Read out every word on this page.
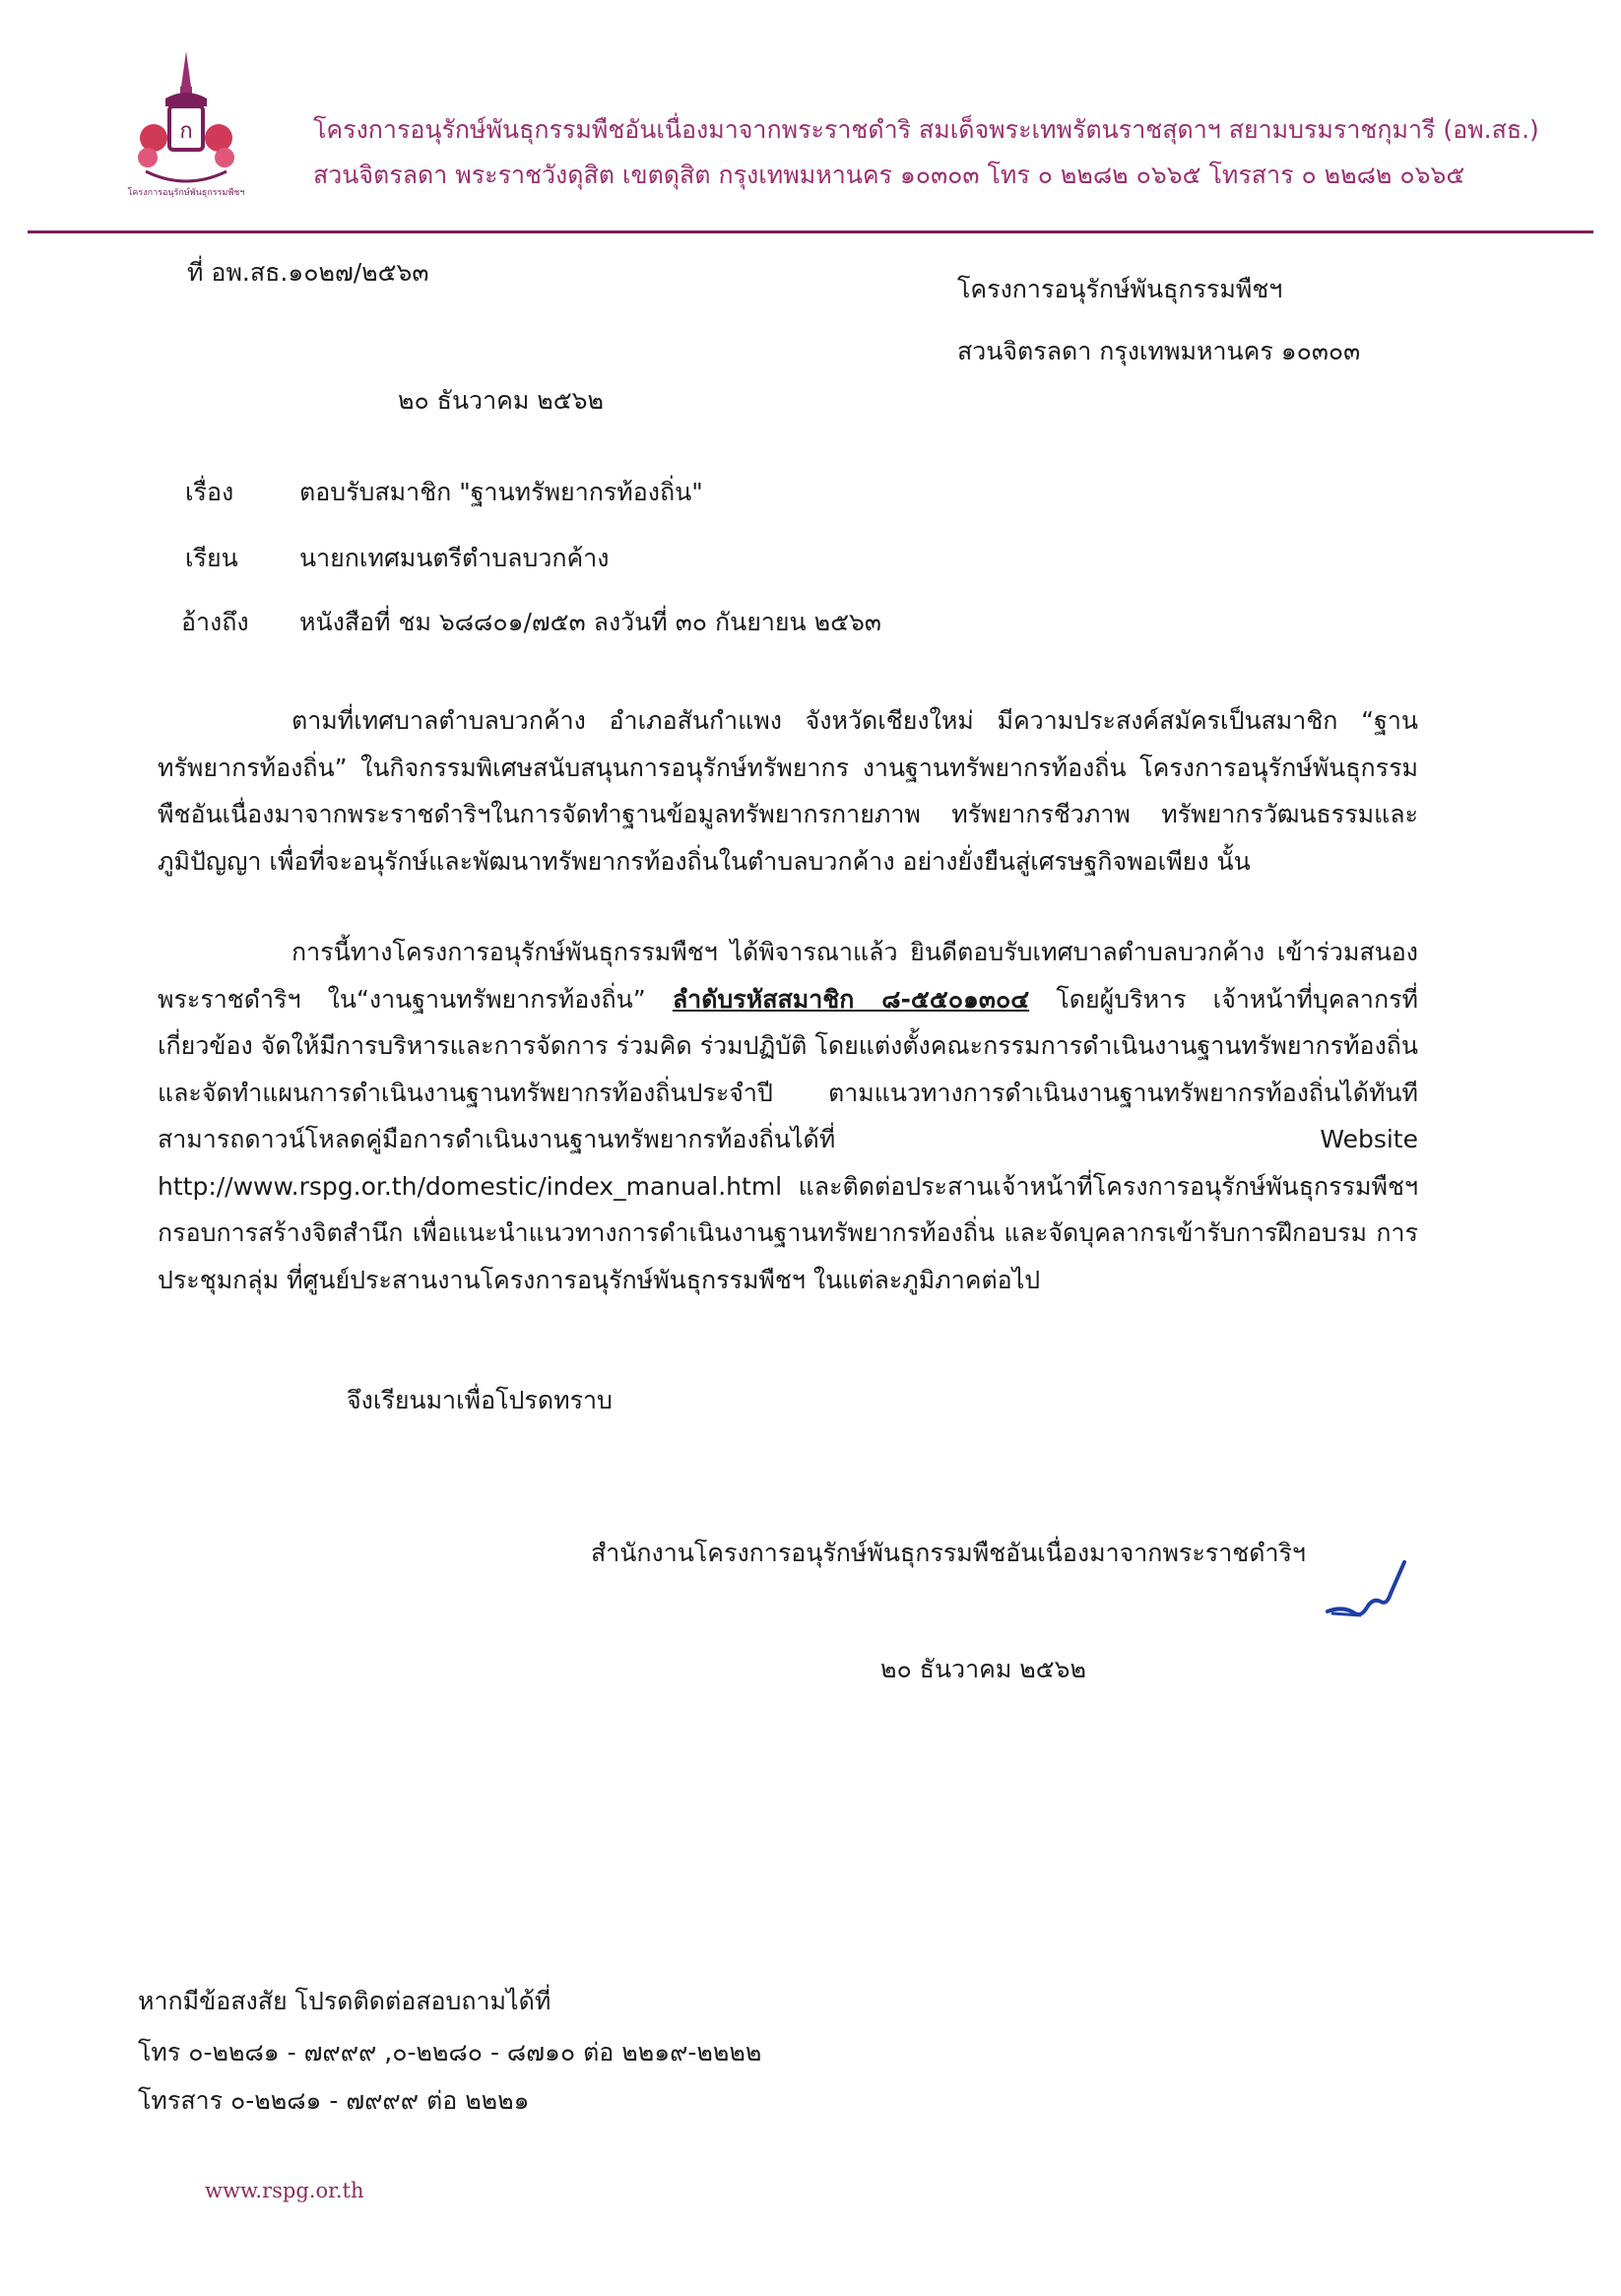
ก
โครงการอนุรักษ์พันธุกรรมพืชฯ
โครงการอนุรักษ์พันธุกรรมพืชอันเนื่องมาจากพระราชดำริ สมเด็จพระเทพรัตนราชสุดาฯ สยามบรมราชกุมารี (อพ.สธ.)
สวนจิตรลดา พระราชวังดุสิต เขตดุสิต กรุงเทพมหานคร ๑๐๓๐๓ โทร ๐ ๒๒๘๒ ๐๖๖๕ โทรสาร ๐ ๒๒๘๒ ๐๖๖๕
ที่ อพ.สธ.๑๐๒๗/๒๕๖๓
โครงการอนุรักษ์พันธุกรรมพืชฯ
สวนจิตรลดา กรุงเทพมหานคร ๑๐๓๐๓
๒๐ ธันวาคม ๒๕๖๒
เรื่อง	ตอบรับสมาชิก "ฐานทรัพยากรท้องถิ่น"
เรียน นายกเทศมนตรีตำบลบวกค้าง
อ้างถึง หนังสือที่ ชม ๖๘๘๐๑/๗๕๓ ลงวันที่ ๓๐ กันยายน ๒๕๖๓
ตามที่เทศบาลตำบลบวกค้าง อำเภอสันกำแพง จังหวัดเชียงใหม่ มีความประสงค์สมัครเป็นสมาชิก “ฐานทรัพยากรท้องถิ่น” ในกิจกรรมพิเศษสนับสนุนการอนุรักษ์ทรัพยากร งานฐานทรัพยากรท้องถิ่น โครงการอนุรักษ์พันธุกรรมพืชอันเนื่องมาจากพระราชดำริฯในการจัดทำฐานข้อมูลทรัพยากรกายภาพ ทรัพยากรชีวภาพ ทรัพยากรวัฒนธรรมและภูมิปัญญา เพื่อที่จะอนุรักษ์และพัฒนาทรัพยากรท้องถิ่นในตำบลบวกค้าง อย่างยั่งยืนสู่เศรษฐกิจพอเพียง นั้น
การนี้ทางโครงการอนุรักษ์พันธุกรรมพืชฯ ได้พิจารณาแล้ว ยินดีตอบรับเทศบาลตำบลบวกค้าง เข้าร่วมสนองพระราชดำริฯ ใน“งานฐานทรัพยากรท้องถิ่น” ลำดับรหัสสมาชิก ๘-๕๕๐๑๓๐๔ โดยผู้บริหาร เจ้าหน้าที่บุคลากรที่เกี่ยวข้อง จัดให้มีการบริหารและการจัดการ ร่วมคิด ร่วมปฏิบัติ โดยแต่งตั้งคณะกรรมการดำเนินงานฐานทรัพยากรท้องถิ่น และจัดทำแผนการดำเนินงานฐานทรัพยากรท้องถิ่นประจำปี ตามแนวทางการดำเนินงานฐานทรัพยากรท้องถิ่นได้ทันที สามารถดาวน์โหลดคู่มือการดำเนินงานฐานทรัพยากรท้องถิ่นได้ที่ Website http://www.rspg.or.th/domestic/index_manual.html และติดต่อประสานเจ้าหน้าที่โครงการอนุรักษ์พันธุกรรมพืชฯ กรอบการสร้างจิตสำนึก เพื่อแนะนำแนวทางการดำเนินงานฐานทรัพยากรท้องถิ่น และจัดบุคลากรเข้ารับการฝึกอบรม การประชุมกลุ่ม ที่ศูนย์ประสานงานโครงการอนุรักษ์พันธุกรรมพืชฯ ในแต่ละภูมิภาคต่อไป
จึงเรียนมาเพื่อโปรดทราบ
สำนักงานโครงการอนุรักษ์พันธุกรรมพืชอันเนื่องมาจากพระราชดำริฯ
๒๐ ธันวาคม ๒๕๖๒
หากมีข้อสงสัย โปรดติดต่อสอบถามได้ที่
โทร ๐-๒๒๘๑ - ๗๙๙๙ ,๐-๒๒๘๐ - ๘๗๑๐ ต่อ ๒๒๑๙-๒๒๒๒
โทรสาร ๐-๒๒๘๑ - ๗๙๙๙ ต่อ ๒๒๒๑
www.rspg.or.th
